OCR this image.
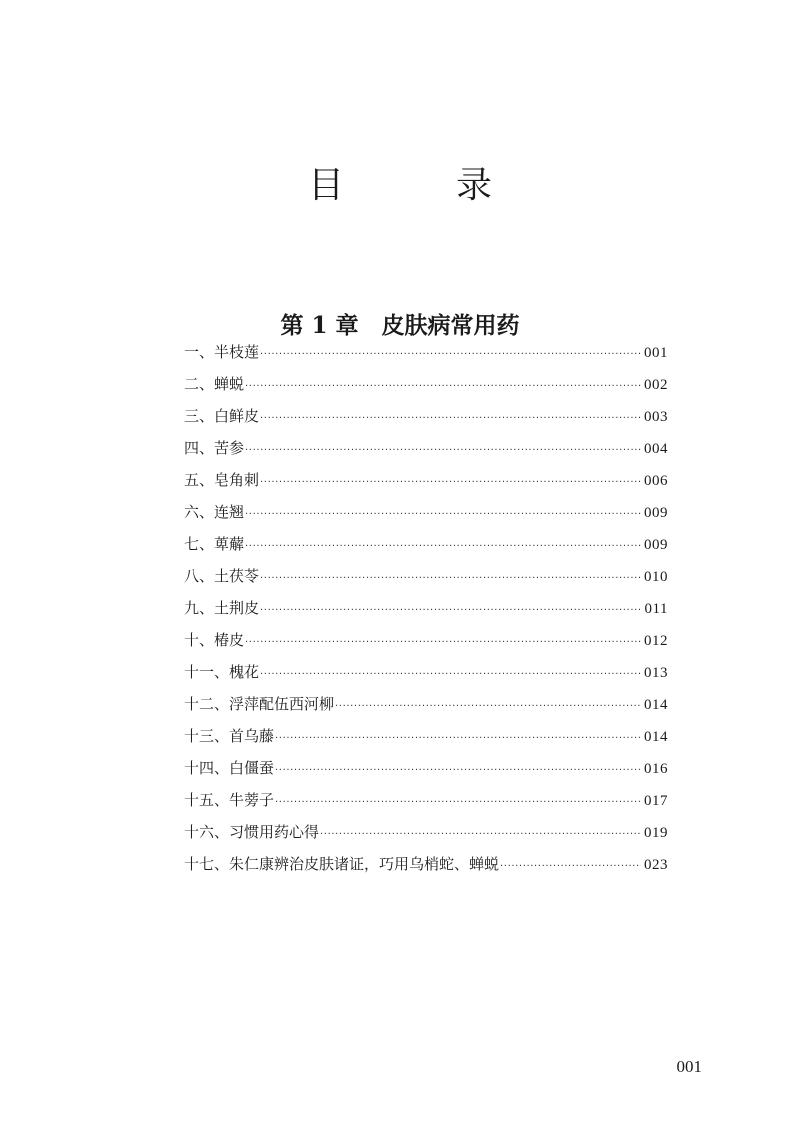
目　录
第 1 章　皮肤病常用药
一、半枝莲 ·····	001
二、蝉蜕 ·····	002
三、白鲜皮 ·····	003
四、苦参 ·····	004
五、皂角刺 ·····	006
六、连翘 ·····	009
七、萆薢 ·····	009
八、土茯苓 ·····	010
九、土荆皮 ·····	011
十、椿皮 ·····	012
十一、槐花 ·····	013
十二、浮萍配伍西河柳 ·····	014
十三、首乌藤 ·····	014
十四、白僵蚕 ·····	016
十五、牛蒡子 ·····	017
十六、习惯用药心得 ·····	019
十七、朱仁康辨治皮肤诸证，巧用乌梢蛇、蝉蜕 ·····	023
001
